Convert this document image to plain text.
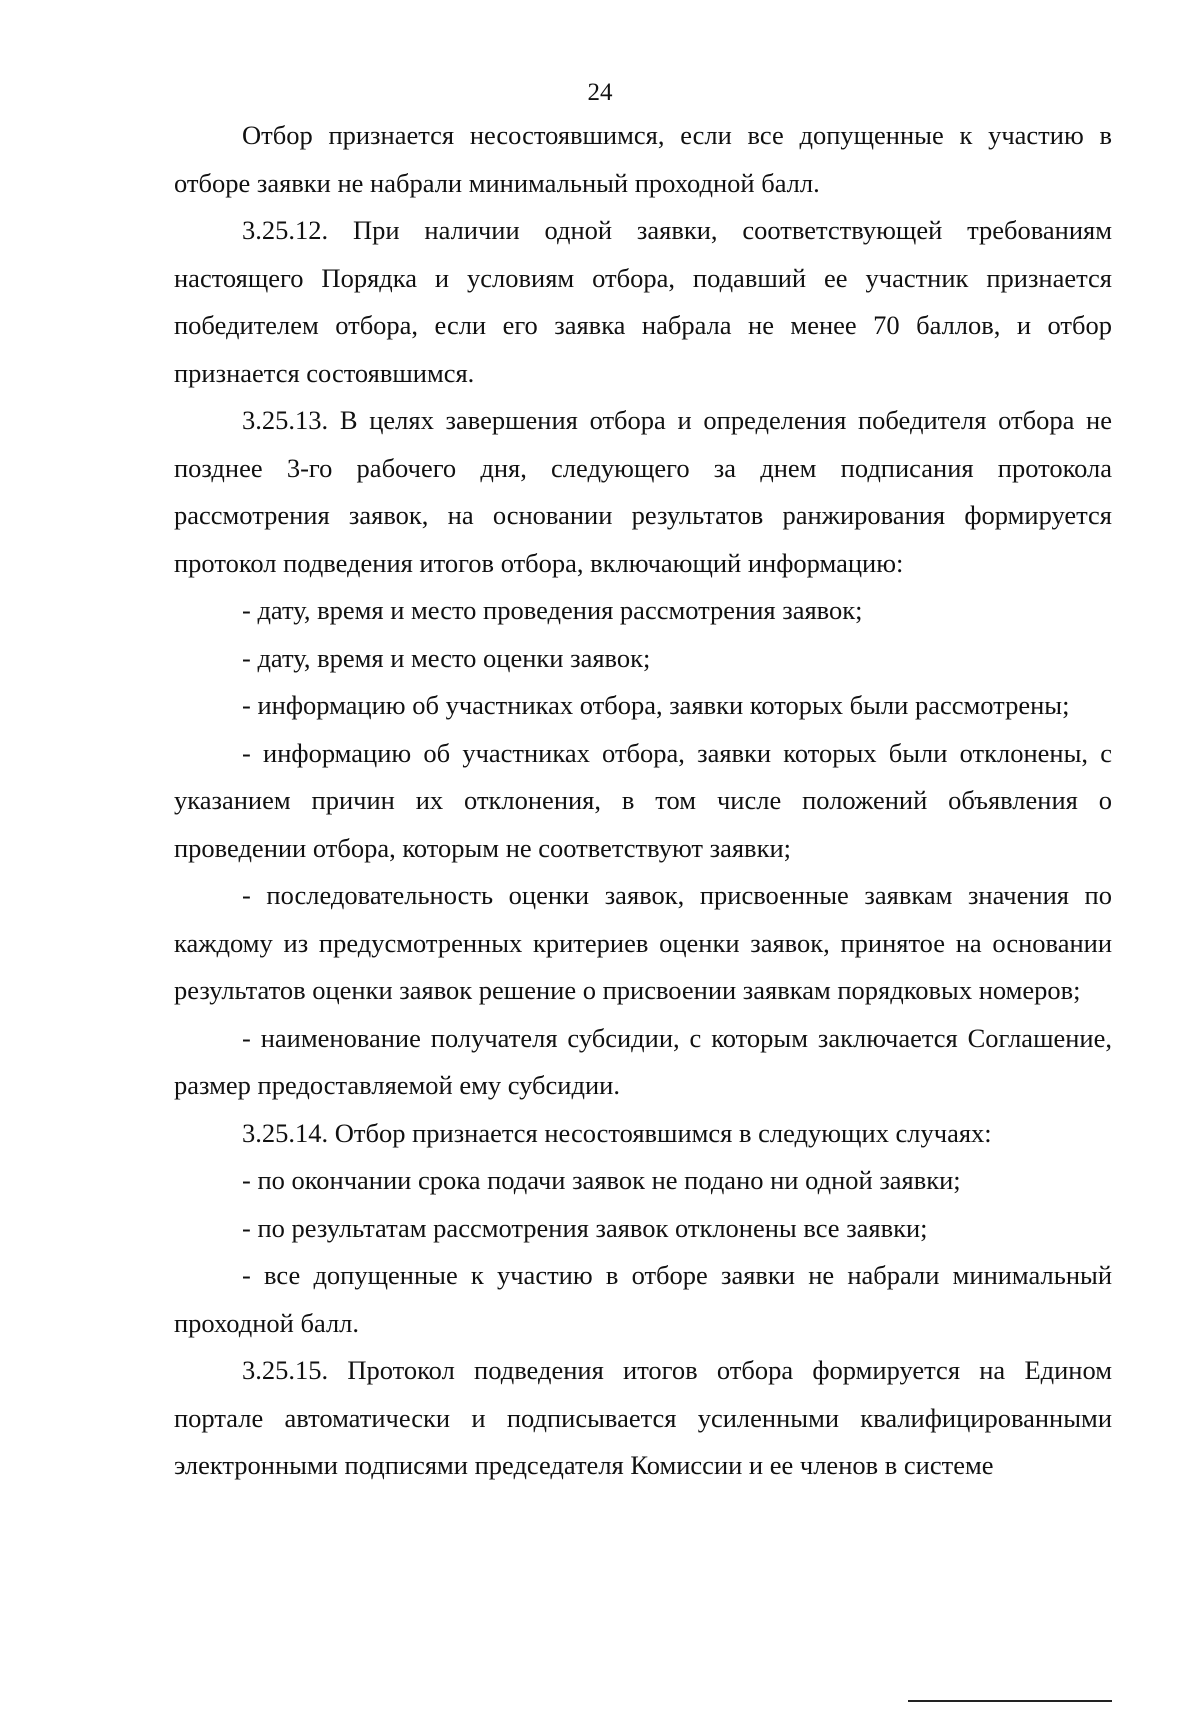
24

Отбор признается несостоявшимся, если все допущенные к участию в отборе заявки не набрали минимальный проходной балл.

3.25.12. При наличии одной заявки, соответствующей требованиям настоящего Порядка и условиям отбора, подавший ее участник признается победителем отбора, если его заявка набрала не менее 70 баллов, и отбор признается состоявшимся.

3.25.13. В целях завершения отбора и определения победителя отбора не позднее 3-го рабочего дня, следующего за днем подписания протокола рассмотрения заявок, на основании результатов ранжирования формируется протокол подведения итогов отбора, включающий информацию:

- дату, время и место проведения рассмотрения заявок;

- дату, время и место оценки заявок;

- информацию об участниках отбора, заявки которых были рассмотрены;

- информацию об участниках отбора, заявки которых были отклонены, с указанием причин их отклонения, в том числе положений объявления о проведении отбора, которым не соответствуют заявки;

- последовательность оценки заявок, присвоенные заявкам значения по каждому из предусмотренных критериев оценки заявок, принятое на основании результатов оценки заявок решение о присвоении заявкам порядковых номеров;

- наименование получателя субсидии, с которым заключается Соглашение, размер предоставляемой ему субсидии.

3.25.14. Отбор признается несостоявшимся в следующих случаях:

- по окончании срока подачи заявок не подано ни одной заявки;

- по результатам рассмотрения заявок отклонены все заявки;

- все допущенные к участию в отборе заявки не набрали минимальный проходной балл.

3.25.15. Протокол подведения итогов отбора формируется на Едином портале автоматически и подписывается усиленными квалифицированными электронными подписями председателя Комиссии и ее членов в системе
